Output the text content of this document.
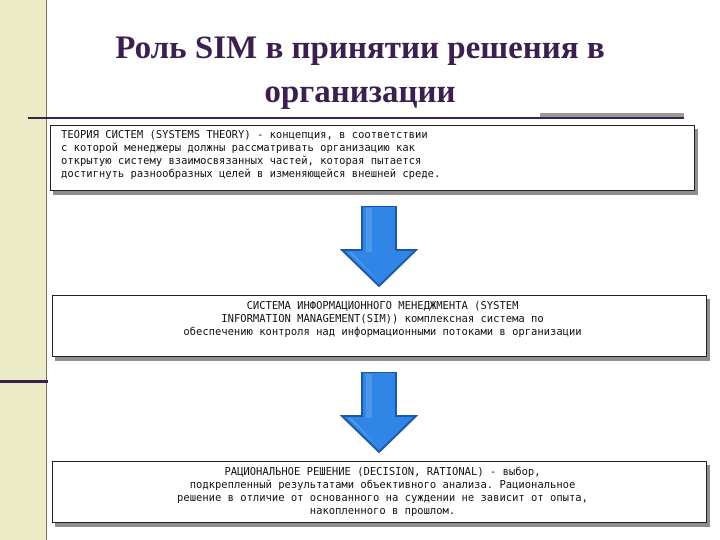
Роль SIM в принятии решения в
организации
ТЕОРИЯ СИСТЕМ (SYSTEMS THEORY) - концепция, в соответствии
с которой менеджеры должны рассматривать организацию как
открытую систему взаимосвязанных частей, которая пытается
достигнуть разнообразных целей в изменяющейся внешней среде.
СИСТЕМА ИНФОРМАЦИОННОГО МЕНЕДЖМЕНТА (SYSTEM
INFORMATION MANAGEMENT(SIM)) комплексная система по
обеспечению контроля над информационными потоками в организации
РАЦИОНАЛЬНОЕ РЕШЕНИЕ (DECISION, RATIONAL) - выбор,
подкрепленный результатами объективного анализа. Рациональное
решение в отличие от основанного на суждении не зависит от опыта,
накопленного в прошлом.
